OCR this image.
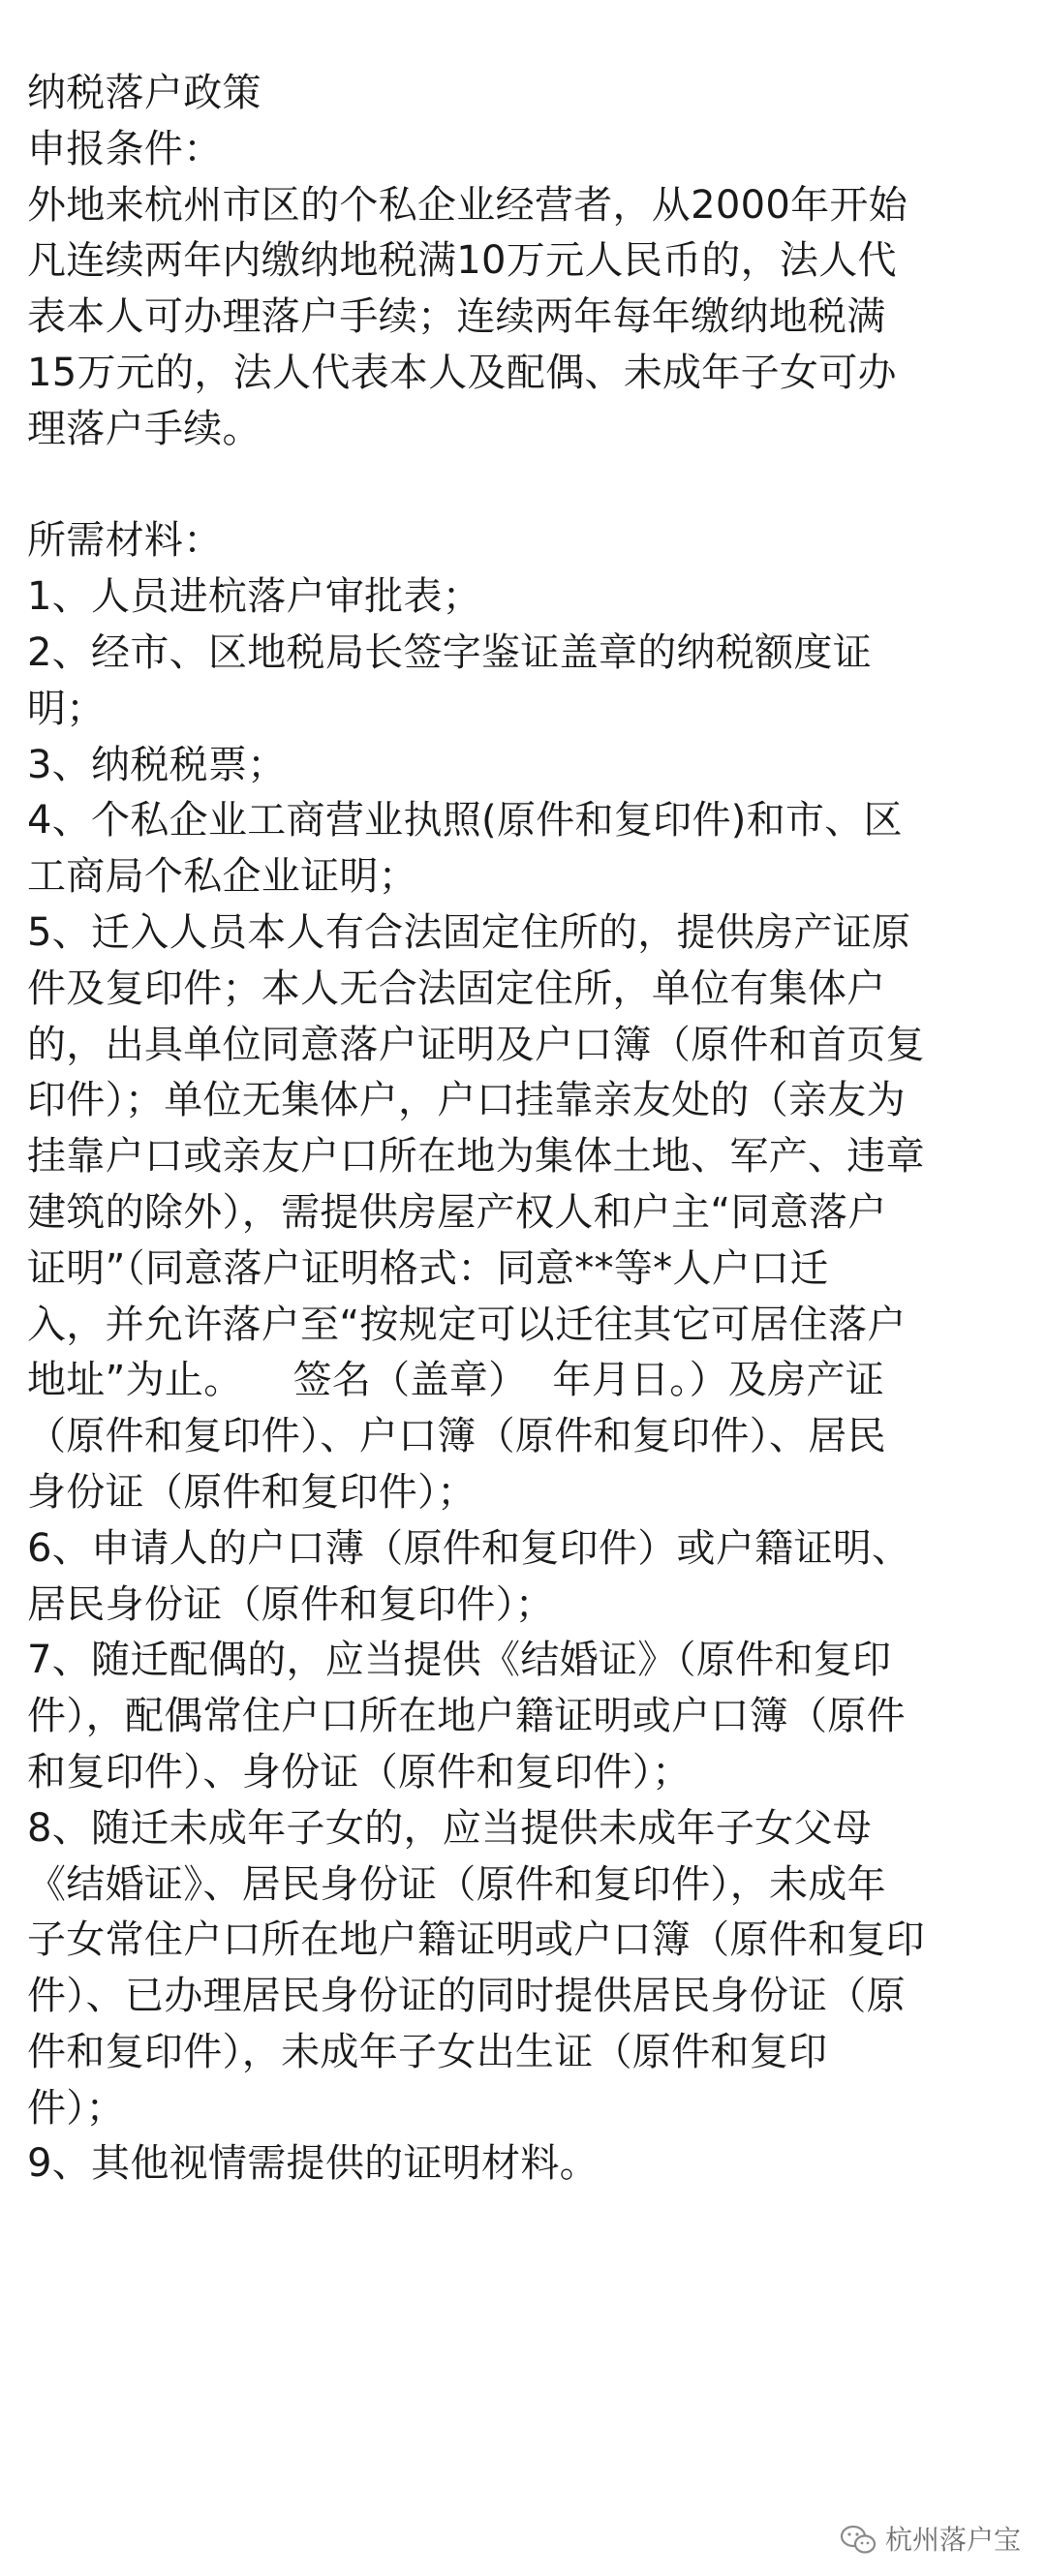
纳税落户政策
申报条件：
外地来杭州市区的个私企业经营者，从2000年开始
凡连续两年内缴纳地税满10万元人民币的，法人代
表本人可办理落户手续；连续两年每年缴纳地税满
15万元的，法人代表本人及配偶、未成年子女可办
理落户手续。
所需材料：
1、人员进杭落户审批表；
2、经市、区地税局长签字鉴证盖章的纳税额度证
明；
3、纳税税票；
4、个私企业工商营业执照(原件和复印件)和市、区
工商局个私企业证明；
5、迁入人员本人有合法固定住所的，提供房产证原
件及复印件；本人无合法固定住所，单位有集体户
的，出具单位同意落户证明及户口簿（原件和首页复
印件）；单位无集体户，户口挂靠亲友处的（亲友为
挂靠户口或亲友户口所在地为集体土地、军产、违章
建筑的除外），需提供房屋产权人和户主“同意落户
证明”（同意落户证明格式：同意**等*人户口迁
入，并允许落户至“按规定可以迁往其它可居住落户
地址”为止。    签名（盖章）  年月日。）及房产证
（原件和复印件）、户口簿（原件和复印件）、居民
身份证（原件和复印件）；
6、申请人的户口薄（原件和复印件）或户籍证明、
居民身份证（原件和复印件）；
7、随迁配偶的，应当提供《结婚证》（原件和复印
件），配偶常住户口所在地户籍证明或户口簿（原件
和复印件）、身份证（原件和复印件）；
8、随迁未成年子女的，应当提供未成年子女父母
《结婚证》、居民身份证（原件和复印件），未成年
子女常住户口所在地户籍证明或户口簿（原件和复印
件）、已办理居民身份证的同时提供居民身份证（原
件和复印件），未成年子女出生证（原件和复印
件）；
9、其他视情需提供的证明材料。
杭州落户宝
